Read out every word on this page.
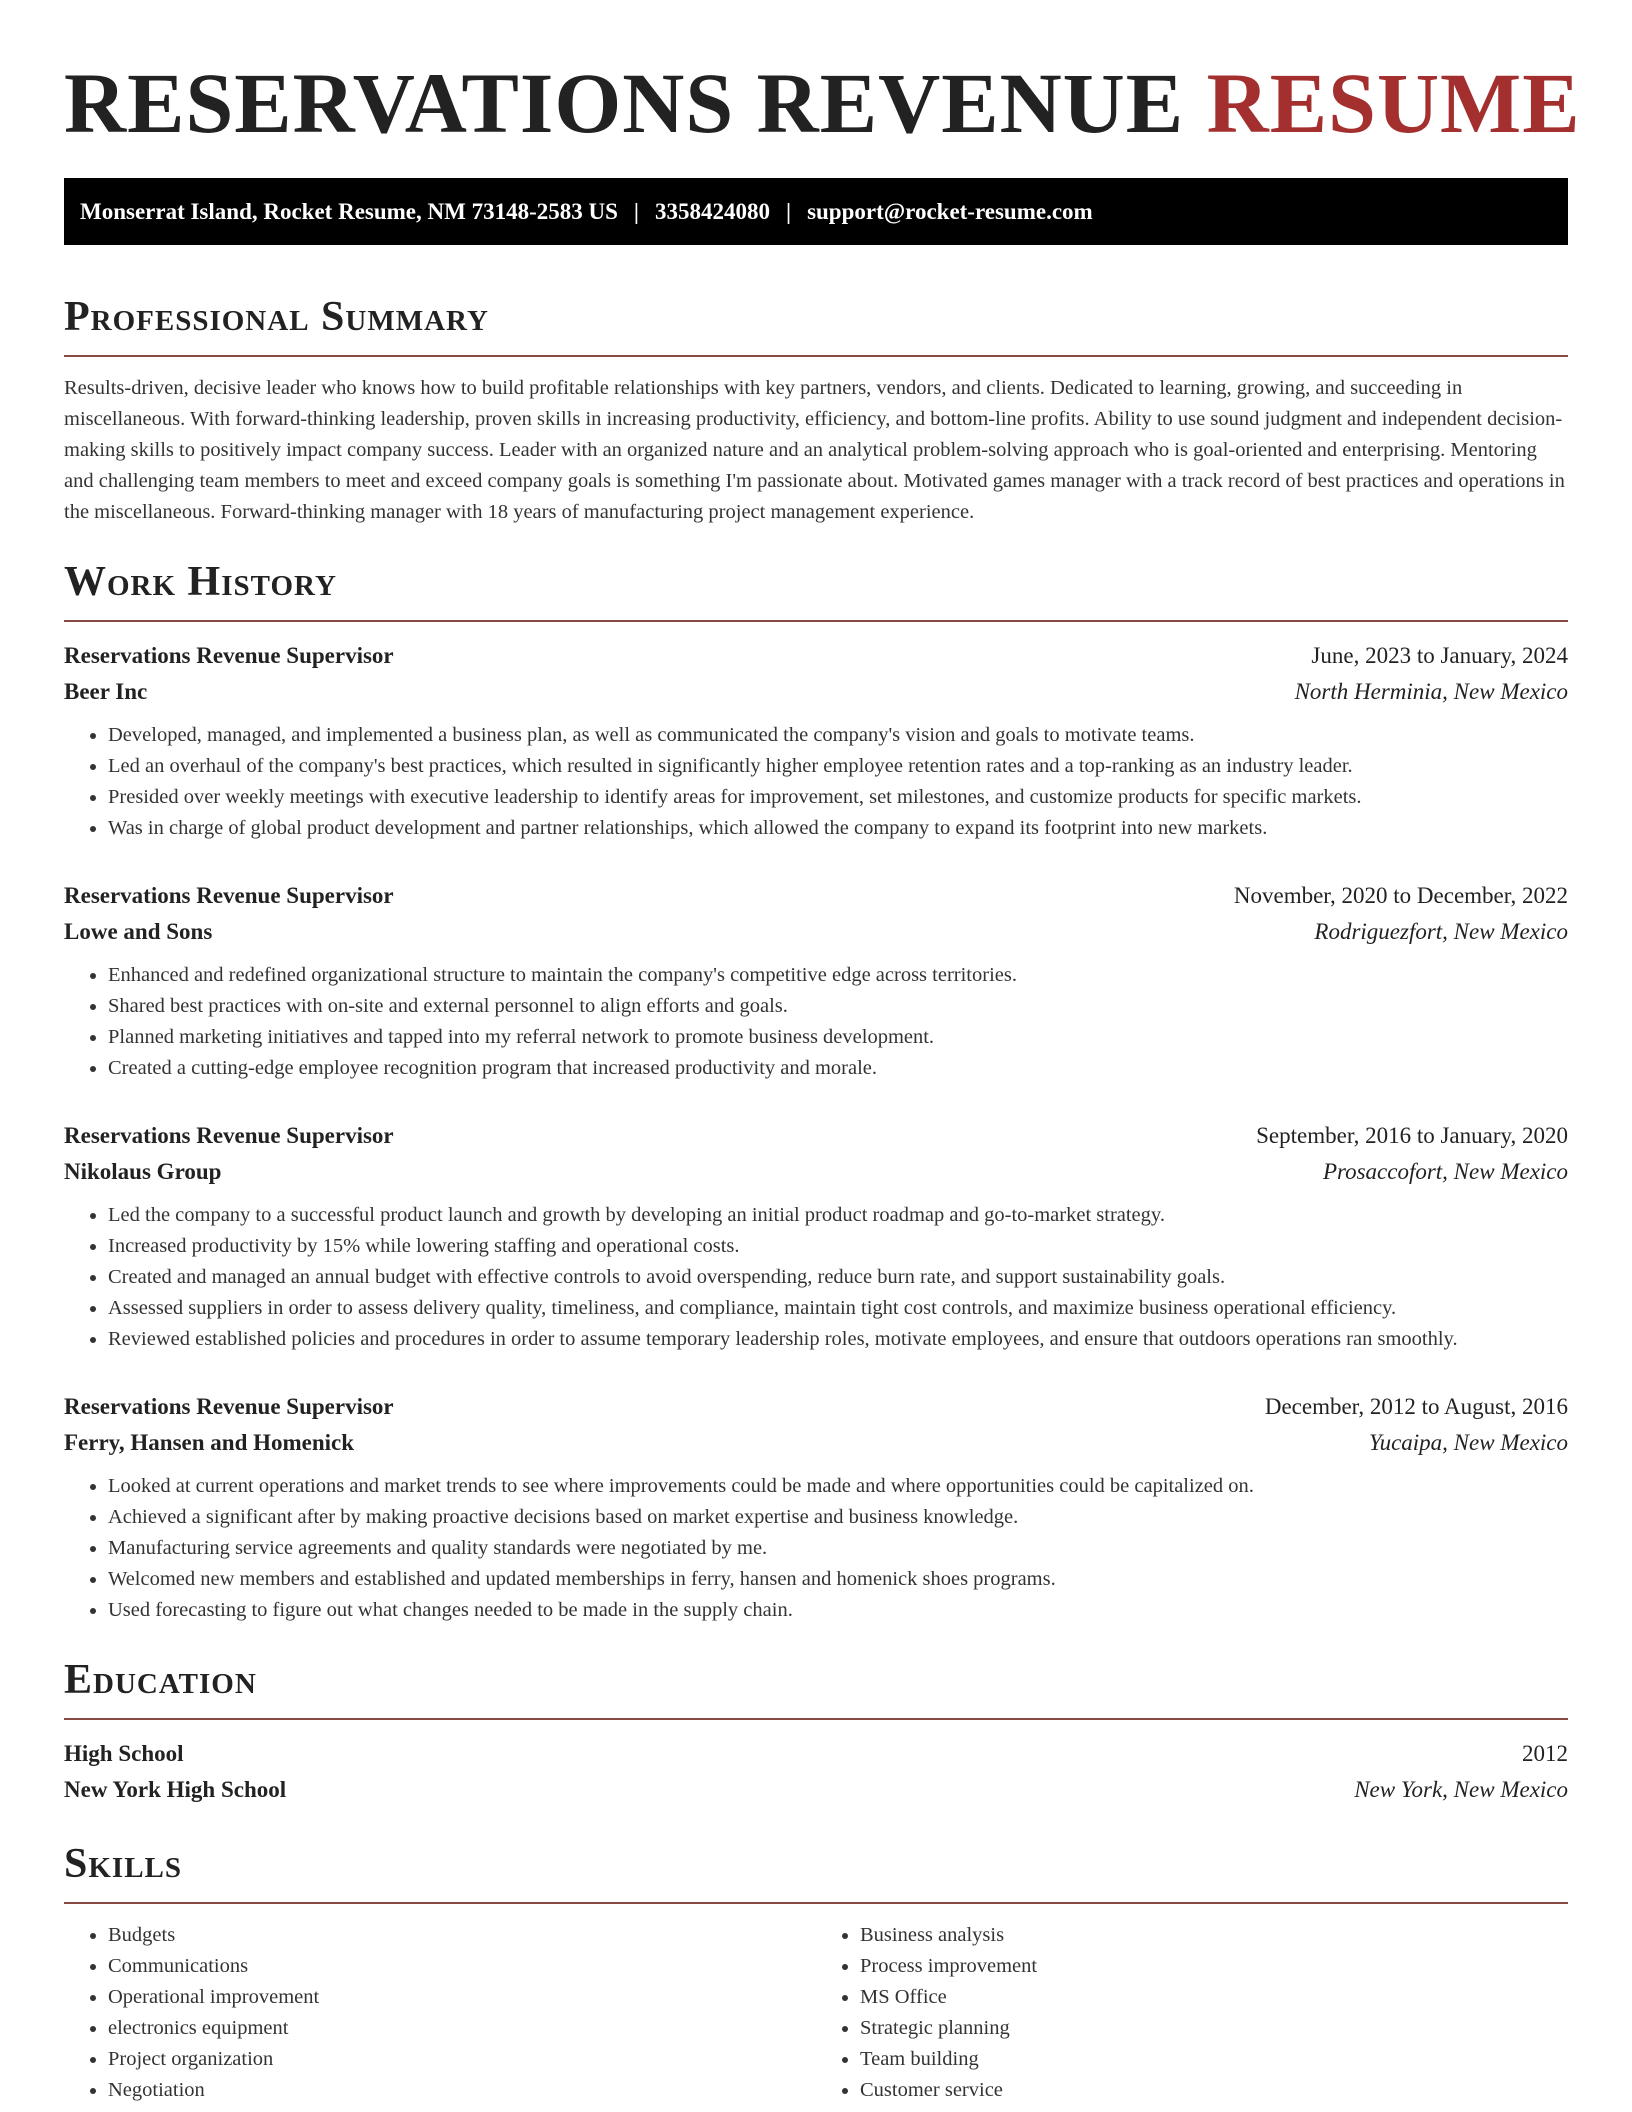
RESERVATIONS REVENUE RESUME
Monserrat Island, Rocket Resume, NM 73148-2583 US | 3358424080 | support@rocket-resume.com
Professional Summary

Results-driven, decisive leader who knows how to build profitable relationships with key partners, vendors, and clients. Dedicated to learning, growing, and succeeding in miscellaneous. With forward-thinking leadership, proven skills in increasing productivity, efficiency, and bottom-line profits. Ability to use sound judgment and independent decision-making skills to positively impact company success. Leader with an organized nature and an analytical problem-solving approach who is goal-oriented and enterprising. Mentoring and challenging team members to meet and exceed company goals is something I'm passionate about. Motivated games manager with a track record of best practices and operations in the miscellaneous. Forward-thinking manager with 18 years of manufacturing project management experience.

Work History
Reservations Revenue Supervisor	June, 2023 to January, 2024
Beer Inc	North Herminia, New Mexico
• Developed, managed, and implemented a business plan, as well as communicated the company's vision and goals to motivate teams.
• Led an overhaul of the company's best practices, which resulted in significantly higher employee retention rates and a top-ranking as an industry leader.
• Presided over weekly meetings with executive leadership to identify areas for improvement, set milestones, and customize products for specific markets.
• Was in charge of global product development and partner relationships, which allowed the company to expand its footprint into new markets.
Reservations Revenue Supervisor	November, 2020 to December, 2022
Lowe and Sons	Rodriguezfort, New Mexico
• Enhanced and redefined organizational structure to maintain the company's competitive edge across territories.
• Shared best practices with on-site and external personnel to align efforts and goals.
• Planned marketing initiatives and tapped into my referral network to promote business development.
• Created a cutting-edge employee recognition program that increased productivity and morale.
Reservations Revenue Supervisor	September, 2016 to January, 2020
Nikolaus Group	Prosaccofort, New Mexico
• Led the company to a successful product launch and growth by developing an initial product roadmap and go-to-market strategy.
• Increased productivity by 15% while lowering staffing and operational costs.
• Created and managed an annual budget with effective controls to avoid overspending, reduce burn rate, and support sustainability goals.
• Assessed suppliers in order to assess delivery quality, timeliness, and compliance, maintain tight cost controls, and maximize business operational efficiency.
• Reviewed established policies and procedures in order to assume temporary leadership roles, motivate employees, and ensure that outdoors operations ran smoothly.
Reservations Revenue Supervisor	December, 2012 to August, 2016
Ferry, Hansen and Homenick	Yucaipa, New Mexico
• Looked at current operations and market trends to see where improvements could be made and where opportunities could be capitalized on.
• Achieved a significant after by making proactive decisions based on market expertise and business knowledge.
• Manufacturing service agreements and quality standards were negotiated by me.
• Welcomed new members and established and updated memberships in ferry, hansen and homenick shoes programs.
• Used forecasting to figure out what changes needed to be made in the supply chain.
Education
High School	2012
New York High School	New York, New Mexico
Skills
• Budgets
• Communications
• Operational improvement
• electronics equipment
• Project organization
• Negotiation
• Business analysis
• Process improvement
• MS Office
• Strategic planning
• Team building
• Customer service
